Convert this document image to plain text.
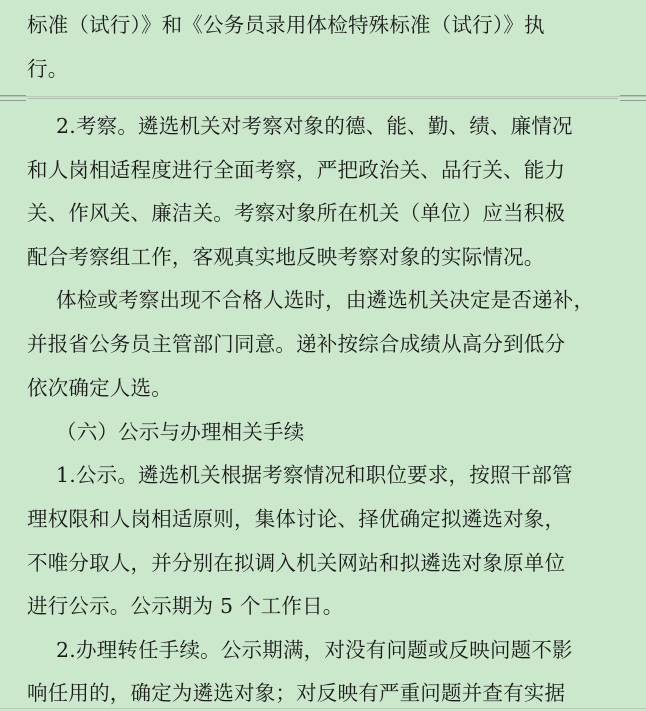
标准（试行）》和《公务员录用体检特殊标准（试行）》执
行。
2.考察。遴选机关对考察对象的德、能、勤、绩、廉情况
和人岗相适程度进行全面考察，严把政治关、品行关、能力
关、作风关、廉洁关。考察对象所在机关（单位）应当积极
配合考察组工作，客观真实地反映考察对象的实际情况。
体检或考察出现不合格人选时，由遴选机关决定是否递补，
并报省公务员主管部门同意。递补按综合成绩从高分到低分
依次确定人选。
（六）公示与办理相关手续
1.公示。遴选机关根据考察情况和职位要求，按照干部管
理权限和人岗相适原则，集体讨论、择优确定拟遴选对象，
不唯分取人，并分别在拟调入机关网站和拟遴选对象原单位
进行公示。公示期为 5 个工作日。
2.办理转任手续。公示期满，对没有问题或反映问题不影
响任用的，确定为遴选对象；对反映有严重问题并查有实据
